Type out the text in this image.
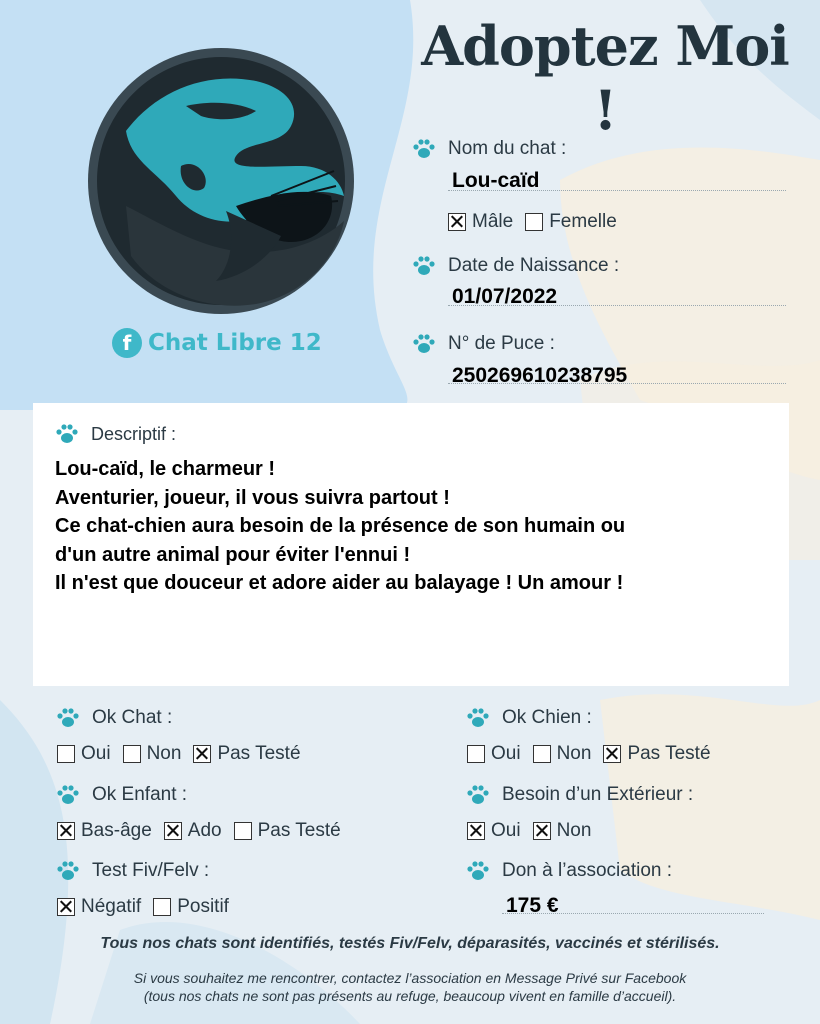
Adoptez Moi !
f Chat Libre 12
Nom du chat :
Lou-caïd
Mâle Femelle
Date de Naissance :
01/07/2022
N° de Puce :
250269610238795
Descriptif :
Lou-caïd, le charmeur !
Aventurier, joueur, il vous suivra partout !
Ce chat-chien aura besoin de la présence de son humain ou
d'un autre animal pour éviter l'ennui !
Il n'est que douceur et adore aider au balayage ! Un amour !
Ok Chat :
Oui Non Pas Testé
Ok Chien :
Oui Non Pas Testé
Ok Enfant :
Bas-âge Ado Pas Testé
Besoin d’un Extérieur :
Oui Non
Test Fiv/Felv :
Négatif Positif
Don à l’association :
175 €
Tous nos chats sont identifiés, testés Fiv/Felv, déparasités, vaccinés et stérilisés.
Si vous souhaitez me rencontrer, contactez l’association en Message Privé sur Facebook
(tous nos chats ne sont pas présents au refuge, beaucoup vivent en famille d’accueil).
